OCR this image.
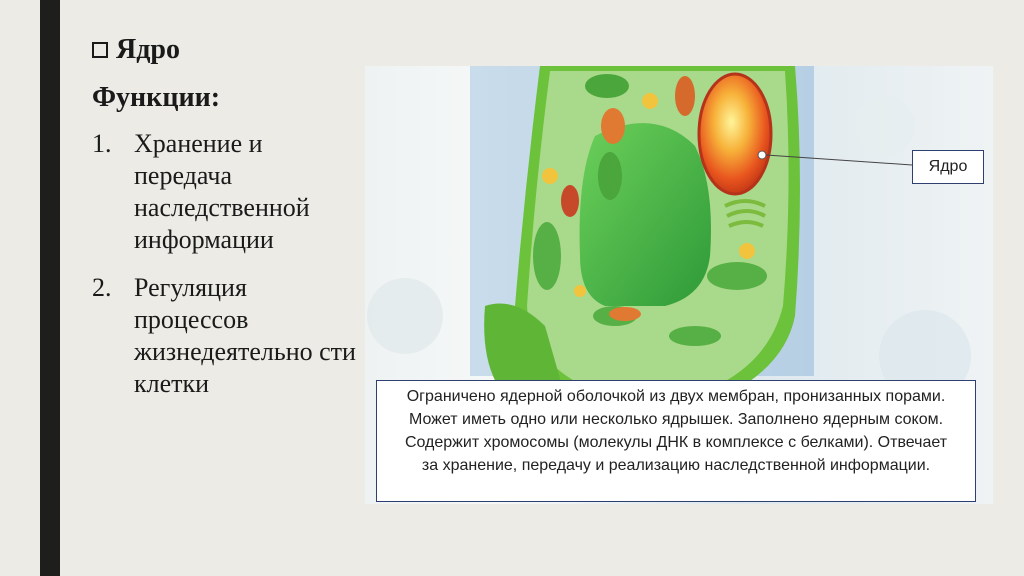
Ядро
Функции:
1. Хранение и передача наследственной информации
2. Регуляция процессов жизнедеятельно сти клетки
Ядро
Ограничено ядерной оболочкой из двух мембран, пронизанных порами. Может иметь одно или несколько ядрышек. Заполнено ядерным соком. Содержит хромосомы (молекулы ДНК в комплексе с белками). Отвечает за хранение, передачу и реализацию наследственной информации.
